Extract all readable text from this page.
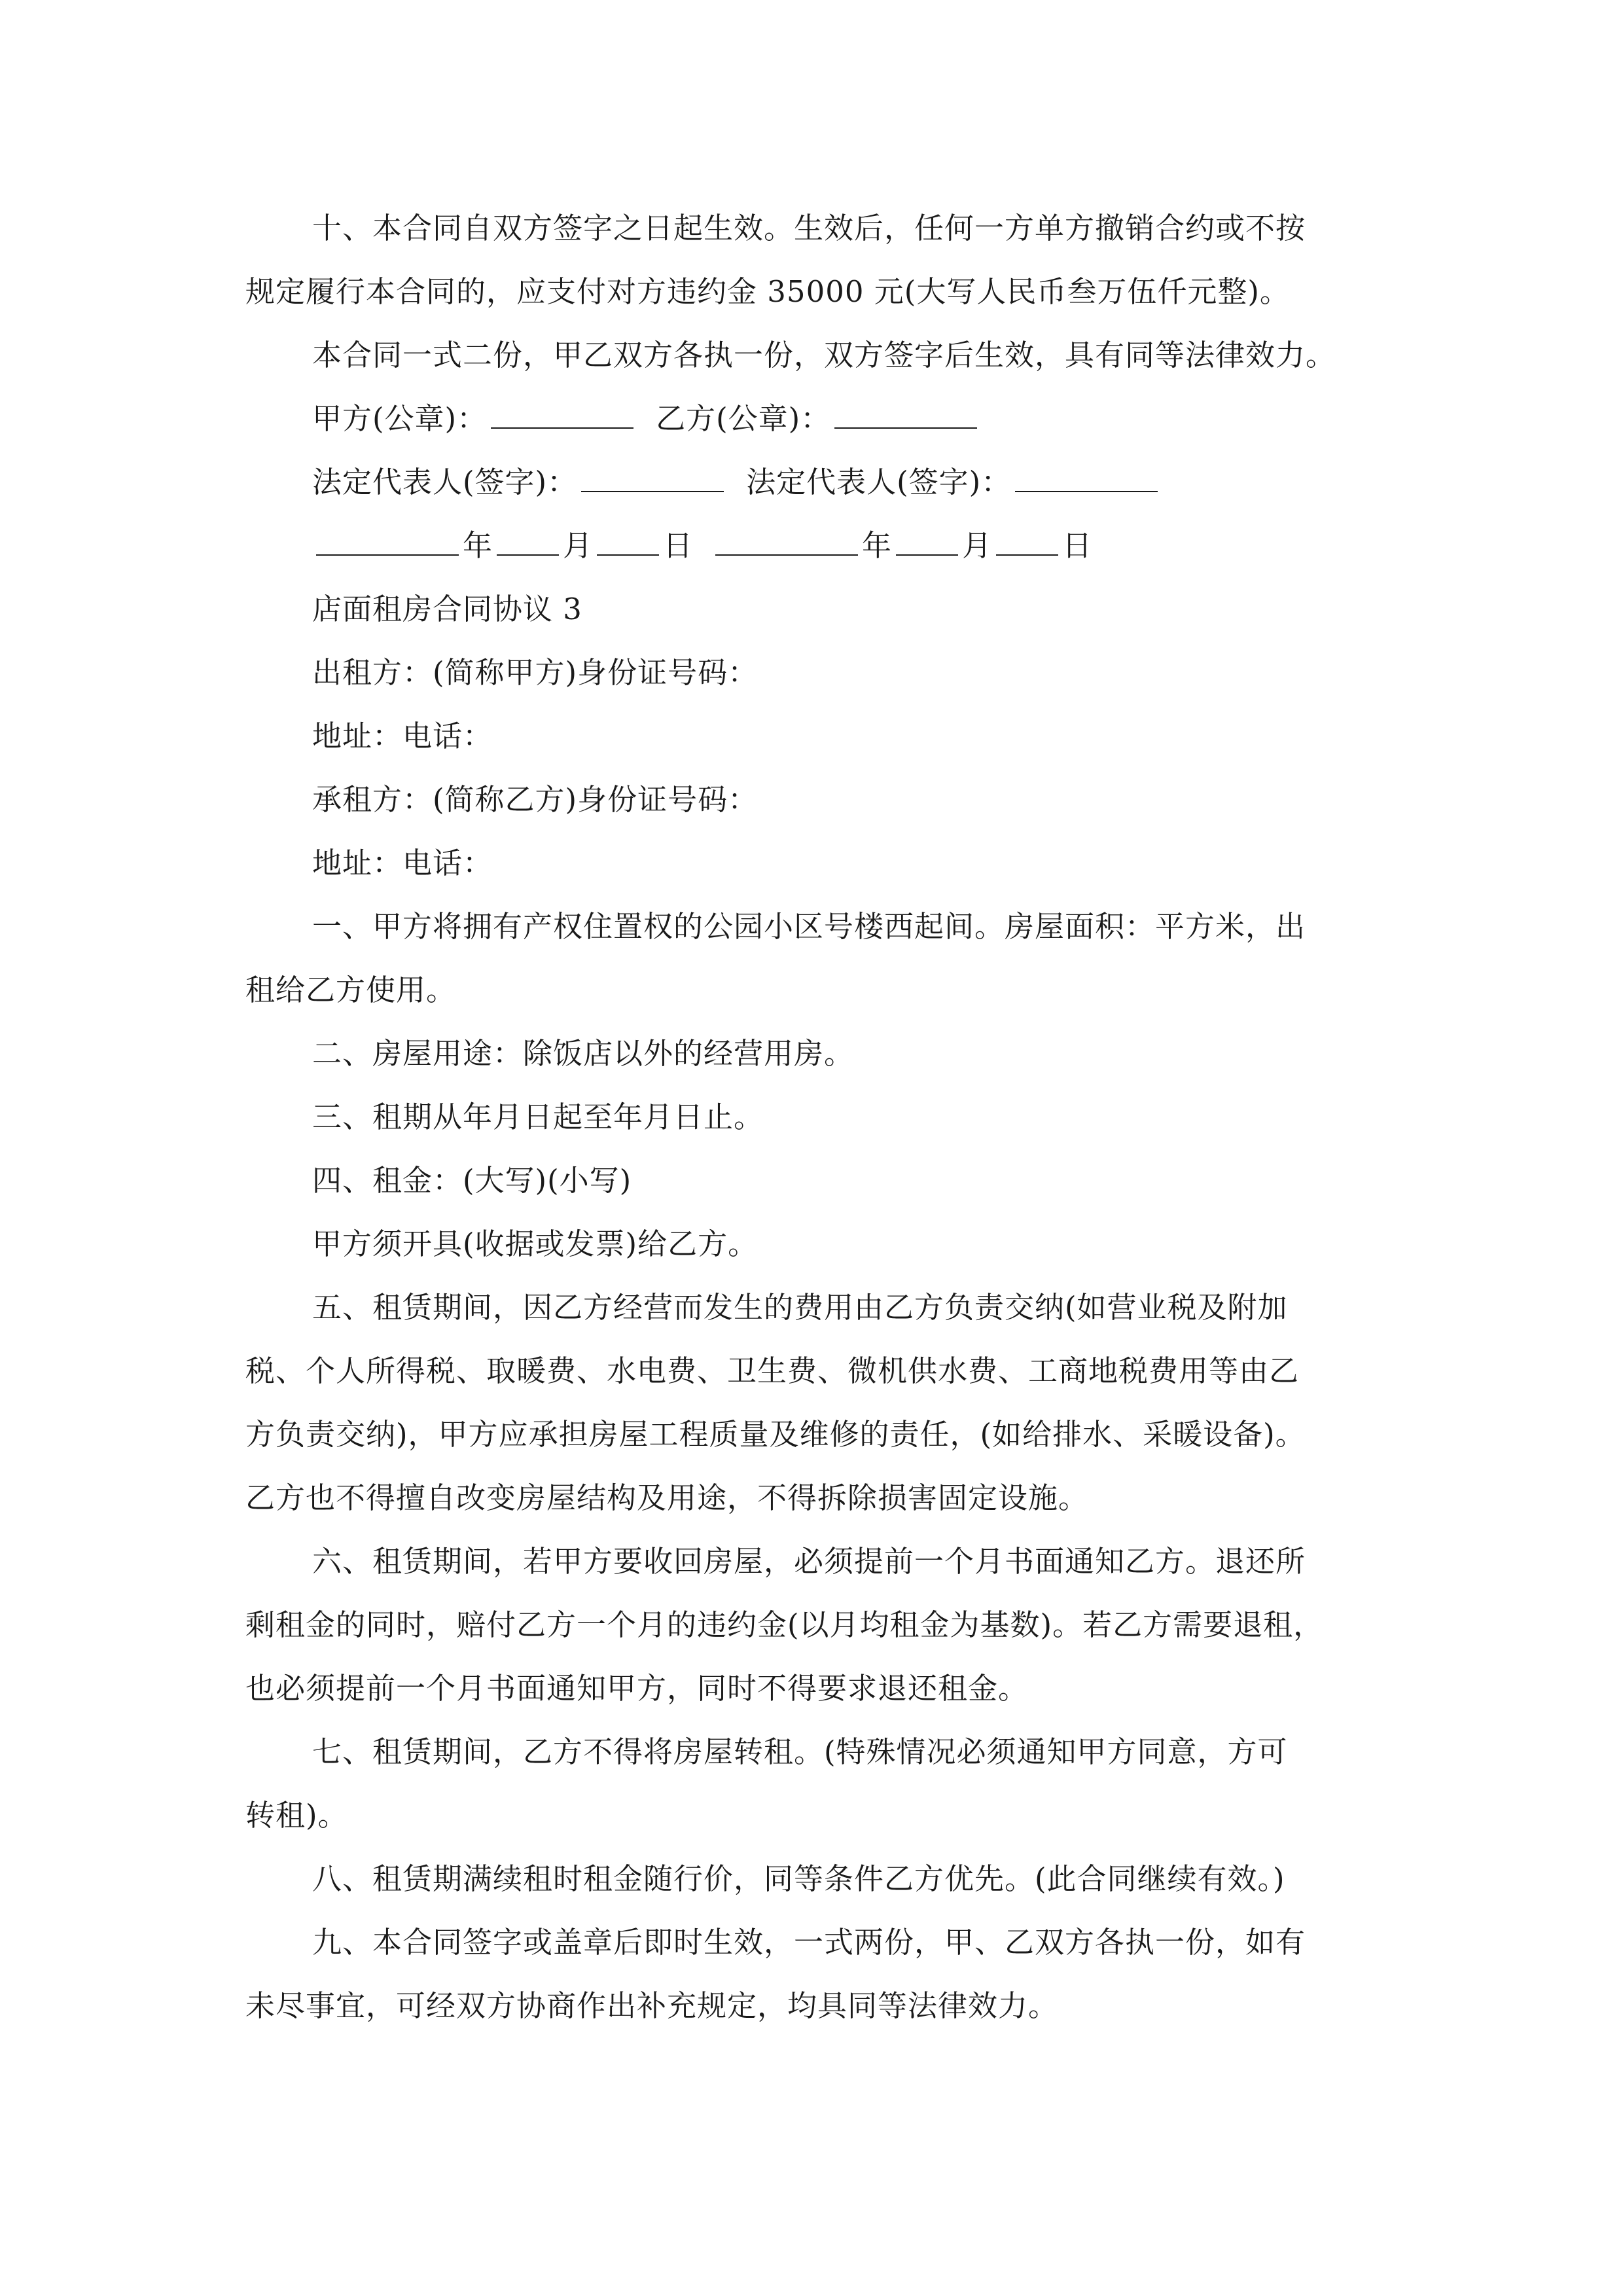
十、本合同自双方签字之日起生效。生效后，任何一方单方撤销合约或不按
规定履行本合同的，应支付对方违约金 35000 元(大写人民币叁万伍仟元整)。
本合同一式二份，甲乙双方各执一份，双方签字后生效，具有同等法律效力。
甲方(公章)：	乙方(公章)：
法定代表人(签字)：	法定代表人(签字)：
年 月 日	年 月 日
店面租房合同协议 3
出租方：(简称甲方)身份证号码：
地址：电话：
承租方：(简称乙方)身份证号码：
地址：电话：
一、甲方将拥有产权住置权的公园小区号楼西起间。房屋面积：平方米，出
租给乙方使用。
二、房屋用途：除饭店以外的经营用房。
三、租期从年月日起至年月日止。
四、租金：(大写)(小写)
甲方须开具(收据或发票)给乙方。
五、租赁期间，因乙方经营而发生的费用由乙方负责交纳(如营业税及附加
税、个人所得税、取暖费、水电费、卫生费、微机供水费、工商地税费用等由乙
方负责交纳)，甲方应承担房屋工程质量及维修的责任，(如给排水、采暖设备)。
乙方也不得擅自改变房屋结构及用途，不得拆除损害固定设施。
六、租赁期间，若甲方要收回房屋，必须提前一个月书面通知乙方。退还所
剩租金的同时，赔付乙方一个月的违约金(以月均租金为基数)。若乙方需要退租，
也必须提前一个月书面通知甲方，同时不得要求退还租金。
七、租赁期间，乙方不得将房屋转租。(特殊情况必须通知甲方同意，方可
转租)。
八、租赁期满续租时租金随行价，同等条件乙方优先。(此合同继续有效。)
九、本合同签字或盖章后即时生效，一式两份，甲、乙双方各执一份，如有
未尽事宜，可经双方协商作出补充规定，均具同等法律效力。
